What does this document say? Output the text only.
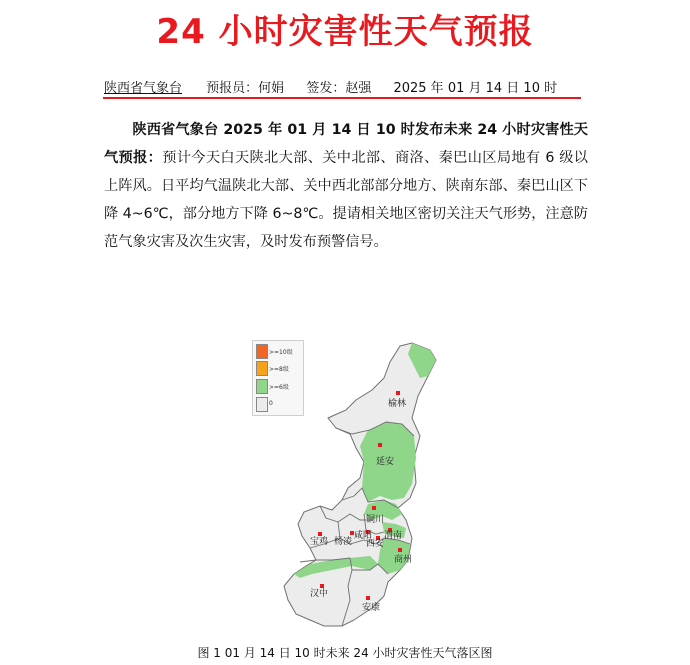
24 小时灾害性天气预报
陕西省气象台 预报员：何娟 签发：赵强 2025 年 01 月 14 日 10 时
陕西省气象台 2025 年 01 月 14 日 10 时发布未来 24 小时灾害性天气预报：预计今天白天陕北大部、关中北部、商洛、秦巴山区局地有 6 级以上阵风。日平均气温陕北大部、关中西北部部分地方、陕南东部、秦巴山区下降 4~6℃，部分地方下降 6~8℃。提请相关地区密切关注天气形势，注意防范气象灾害及次生灾害，及时发布预警信号。
>=10级
>=8级
>=6级
0	榆林
延安
铜川
宝鸡 杨凌
咸阳
西安
渭南
商州
汉中
安康
图 1 01 月 14 日 10 时未来 24 小时灾害性天气落区图
